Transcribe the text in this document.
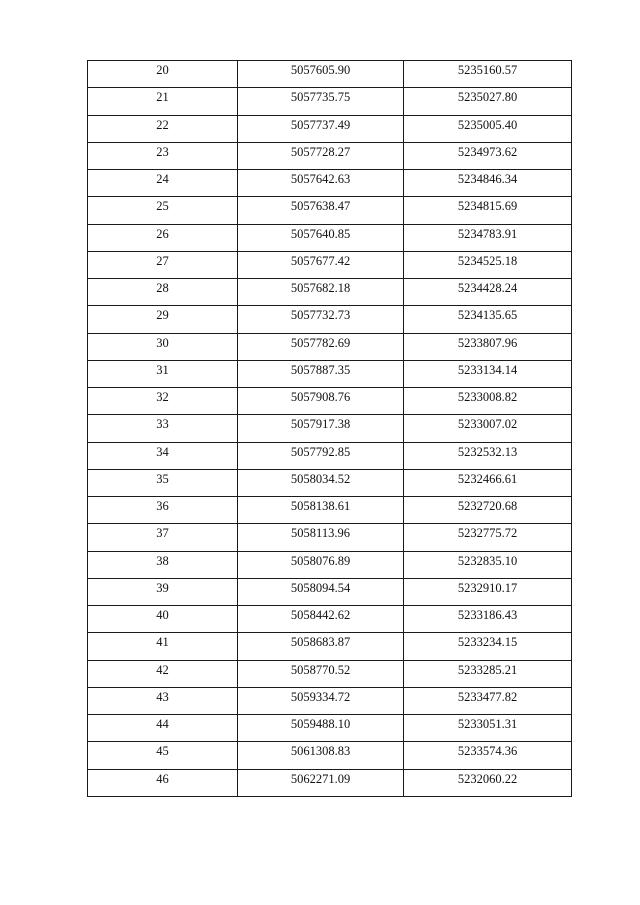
20	5057605.90	5235160.57
21	5057735.75	5235027.80
22	5057737.49	5235005.40
23	5057728.27	5234973.62
24	5057642.63	5234846.34
25	5057638.47	5234815.69
26	5057640.85	5234783.91
27	5057677.42	5234525.18
28	5057682.18	5234428.24
29	5057732.73	5234135.65
30	5057782.69	5233807.96
31	5057887.35	5233134.14
32	5057908.76	5233008.82
33	5057917.38	5233007.02
34	5057792.85	5232532.13
35	5058034.52	5232466.61
36	5058138.61	5232720.68
37	5058113.96	5232775.72
38	5058076.89	5232835.10
39	5058094.54	5232910.17
40	5058442.62	5233186.43
41	5058683.87	5233234.15
42	5058770.52	5233285.21
43	5059334.72	5233477.82
44	5059488.10	5233051.31
45	5061308.83	5233574.36
46	5062271.09	5232060.22
